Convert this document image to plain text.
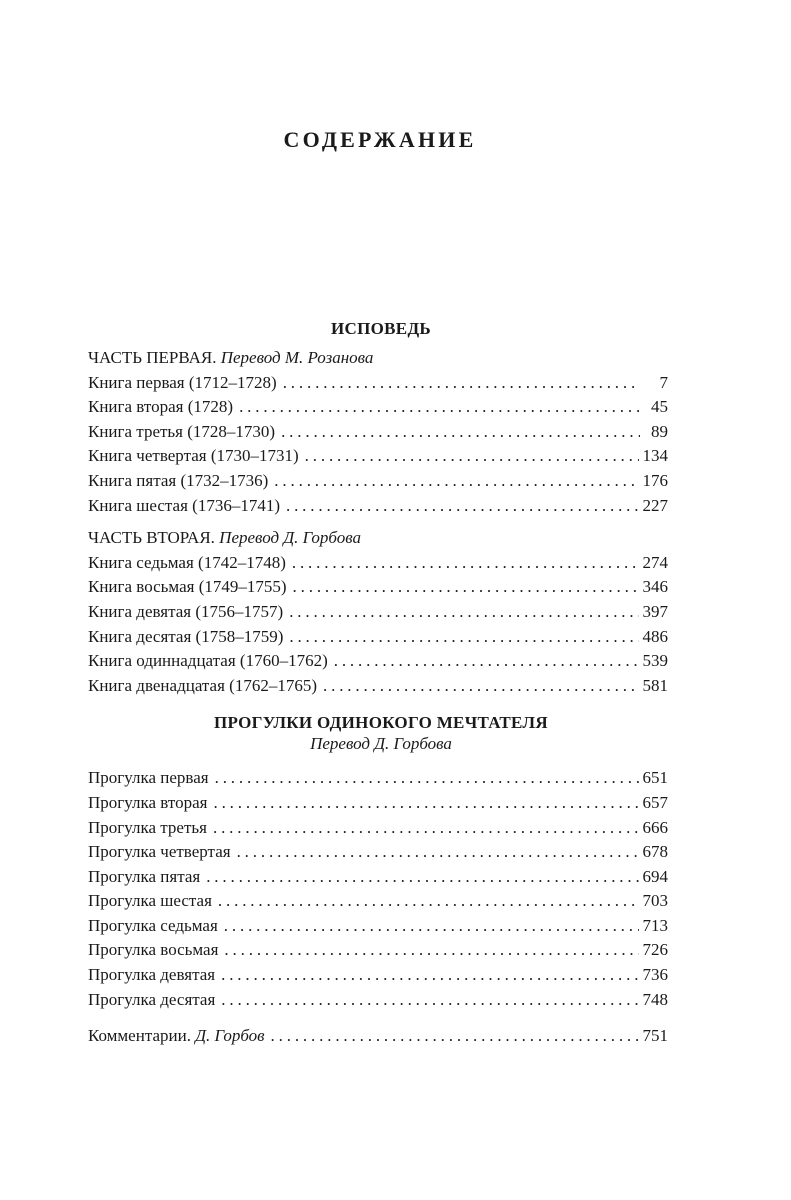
СОДЕРЖАНИЕ
ИСПОВЕДЬ
ЧАСТЬ ПЕРВАЯ. Перевод М. Розанова
Книга первая (1712–1728) . . .	7
Книга вторая (1728) . . .	45
Книга третья (1728–1730) . . .	89
Книга четвертая (1730–1731) . . .	134
Книга пятая (1732–1736) . . .	176
Книга шестая (1736–1741) . . .	227
ЧАСТЬ ВТОРАЯ. Перевод Д. Горбова
Книга седьмая (1742–1748) . . .	274
Книга восьмая (1749–1755) . . .	346
Книга девятая (1756–1757) . . .	397
Книга десятая (1758–1759) . . .	486
Книга одиннадцатая (1760–1762) . . .	539
Книга двенадцатая (1762–1765) . . .	581
ПРОГУЛКИ ОДИНОКОГО МЕЧТАТЕЛЯ
Перевод Д. Горбова
Прогулка первая . . .	651
Прогулка вторая . . .	657
Прогулка третья . . .	666
Прогулка четвертая . . .	678
Прогулка пятая . . .	694
Прогулка шестая . . .	703
Прогулка седьмая . . .	713
Прогулка восьмая . . .	726
Прогулка девятая . . .	736
Прогулка десятая . . .	748
Комментарии. Д. Горбов . . .	751
